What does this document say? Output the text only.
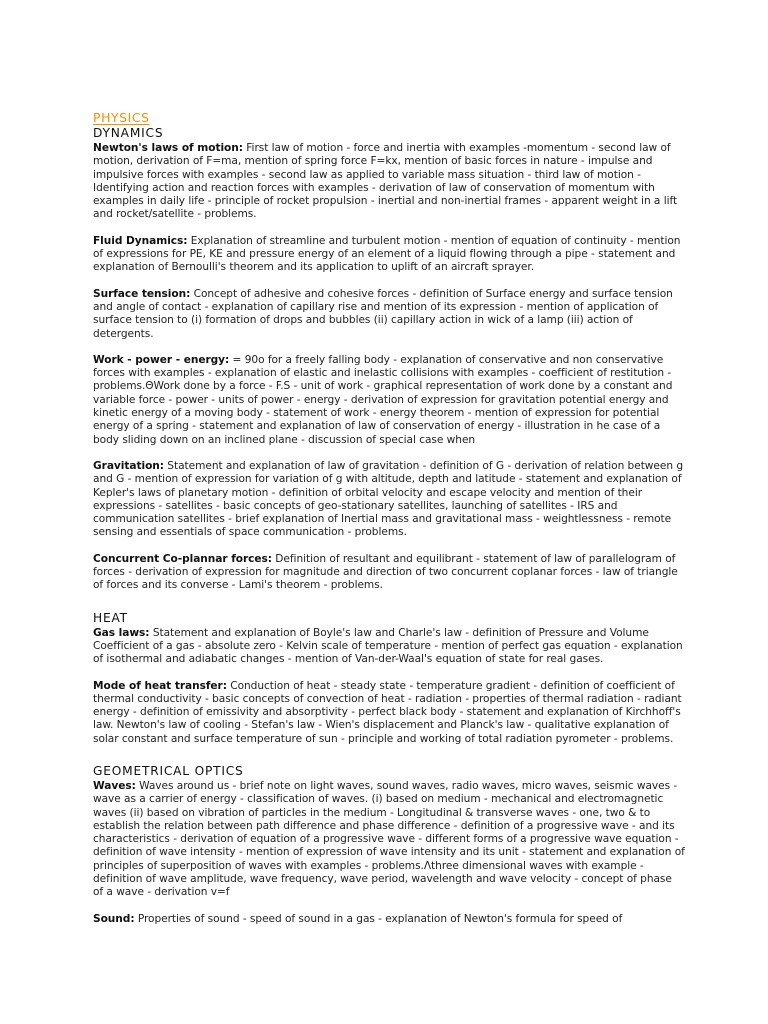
PHYSICS
DYNAMICS

Newton's laws of motion: First law of motion - force and inertia with examples -momentum - second law of motion, derivation of F=ma, mention of spring force F=kx, mention of basic forces in nature - impulse and impulsive forces with examples - second law as applied to variable mass situation - third law of motion - Identifying action and reaction forces with examples - derivation of law of conservation of momentum with examples in daily life - principle of rocket propulsion - inertial and non-inertial frames - apparent weight in a lift and rocket/satellite - problems.

Fluid Dynamics: Explanation of streamline and turbulent motion - mention of equation of continuity - mention of expressions for PE, KE and pressure energy of an element of a liquid flowing through a pipe - statement and explanation of Bernoulli's theorem and its application to uplift of an aircraft sprayer.

Surface tension: Concept of adhesive and cohesive forces - definition of Surface energy and surface tension and angle of contact - explanation of capillary rise and mention of its expression - mention of application of surface tension to (i) formation of drops and bubbles (ii) capillary action in wick of a lamp (iii) action of detergents.

Work - power - energy: = 90o for a freely falling body - explanation of conservative and non conservative forces with examples - explanation of elastic and inelastic collisions with examples - coefficient of restitution - problems.ΘWork done by a force - F.S - unit of work - graphical representation of work done by a constant and variable force - power - units of power - energy - derivation of expression for gravitation potential energy and kinetic energy of a moving body - statement of work - energy theorem - mention of expression for potential energy of a spring - statement and explanation of law of conservation of energy - illustration in he case of a body sliding down on an inclined plane - discussion of special case when

Gravitation: Statement and explanation of law of gravitation - definition of G - derivation of relation between g and G - mention of expression for variation of g with altitude, depth and latitude - statement and explanation of Kepler's laws of planetary motion - definition of orbital velocity and escape velocity and mention of their expressions - satellites - basic concepts of geo-stationary satellites, launching of satellites - IRS and communication satellites - brief explanation of Inertial mass and gravitational mass - weightlessness - remote sensing and essentials of space communication - problems.

Concurrent Co-plannar forces: Definition of resultant and equilibrant - statement of law of parallelogram of forces - derivation of expression for magnitude and direction of two concurrent coplanar forces - law of triangle of forces and its converse - Lami's theorem - problems.

HEAT

Gas laws: Statement and explanation of Boyle's law and Charle's law - definition of Pressure and Volume Coefficient of a gas - absolute zero - Kelvin scale of temperature - mention of perfect gas equation - explanation of isothermal and adiabatic changes - mention of Van-der-Waal's equation of state for real gases.

Mode of heat transfer: Conduction of heat - steady state - temperature gradient - definition of coefficient of thermal conductivity - basic concepts of convection of heat - radiation - properties of thermal radiation - radiant energy - definition of emissivity and absorptivity - perfect black body - statement and explanation of Kirchhoff's law. Newton's law of cooling - Stefan's law - Wien's displacement and Planck's law - qualitative explanation of solar constant and surface temperature of sun - principle and working of total radiation pyrometer - problems.

GEOMETRICAL OPTICS

Waves: Waves around us - brief note on light waves, sound waves, radio waves, micro waves, seismic waves - wave as a carrier of energy - classification of waves. (i) based on medium - mechanical and electromagnetic waves (ii) based on vibration of particles in the medium - Longitudinal & transverse waves - one, two & to establish the relation between path difference and phase difference - definition of a progressive wave - and its characteristics - derivation of equation of a progressive wave - different forms of a progressive wave equation - definition of wave intensity - mention of expression of wave intensity and its unit - statement and explanation of principles of superposition of waves with examples - problems.Λthree dimensional waves with example - definition of wave amplitude, wave frequency, wave period, wavelength and wave velocity - concept of phase of a wave - derivation v=f

Sound: Properties of sound - speed of sound in a gas - explanation of Newton's formula for speed of
